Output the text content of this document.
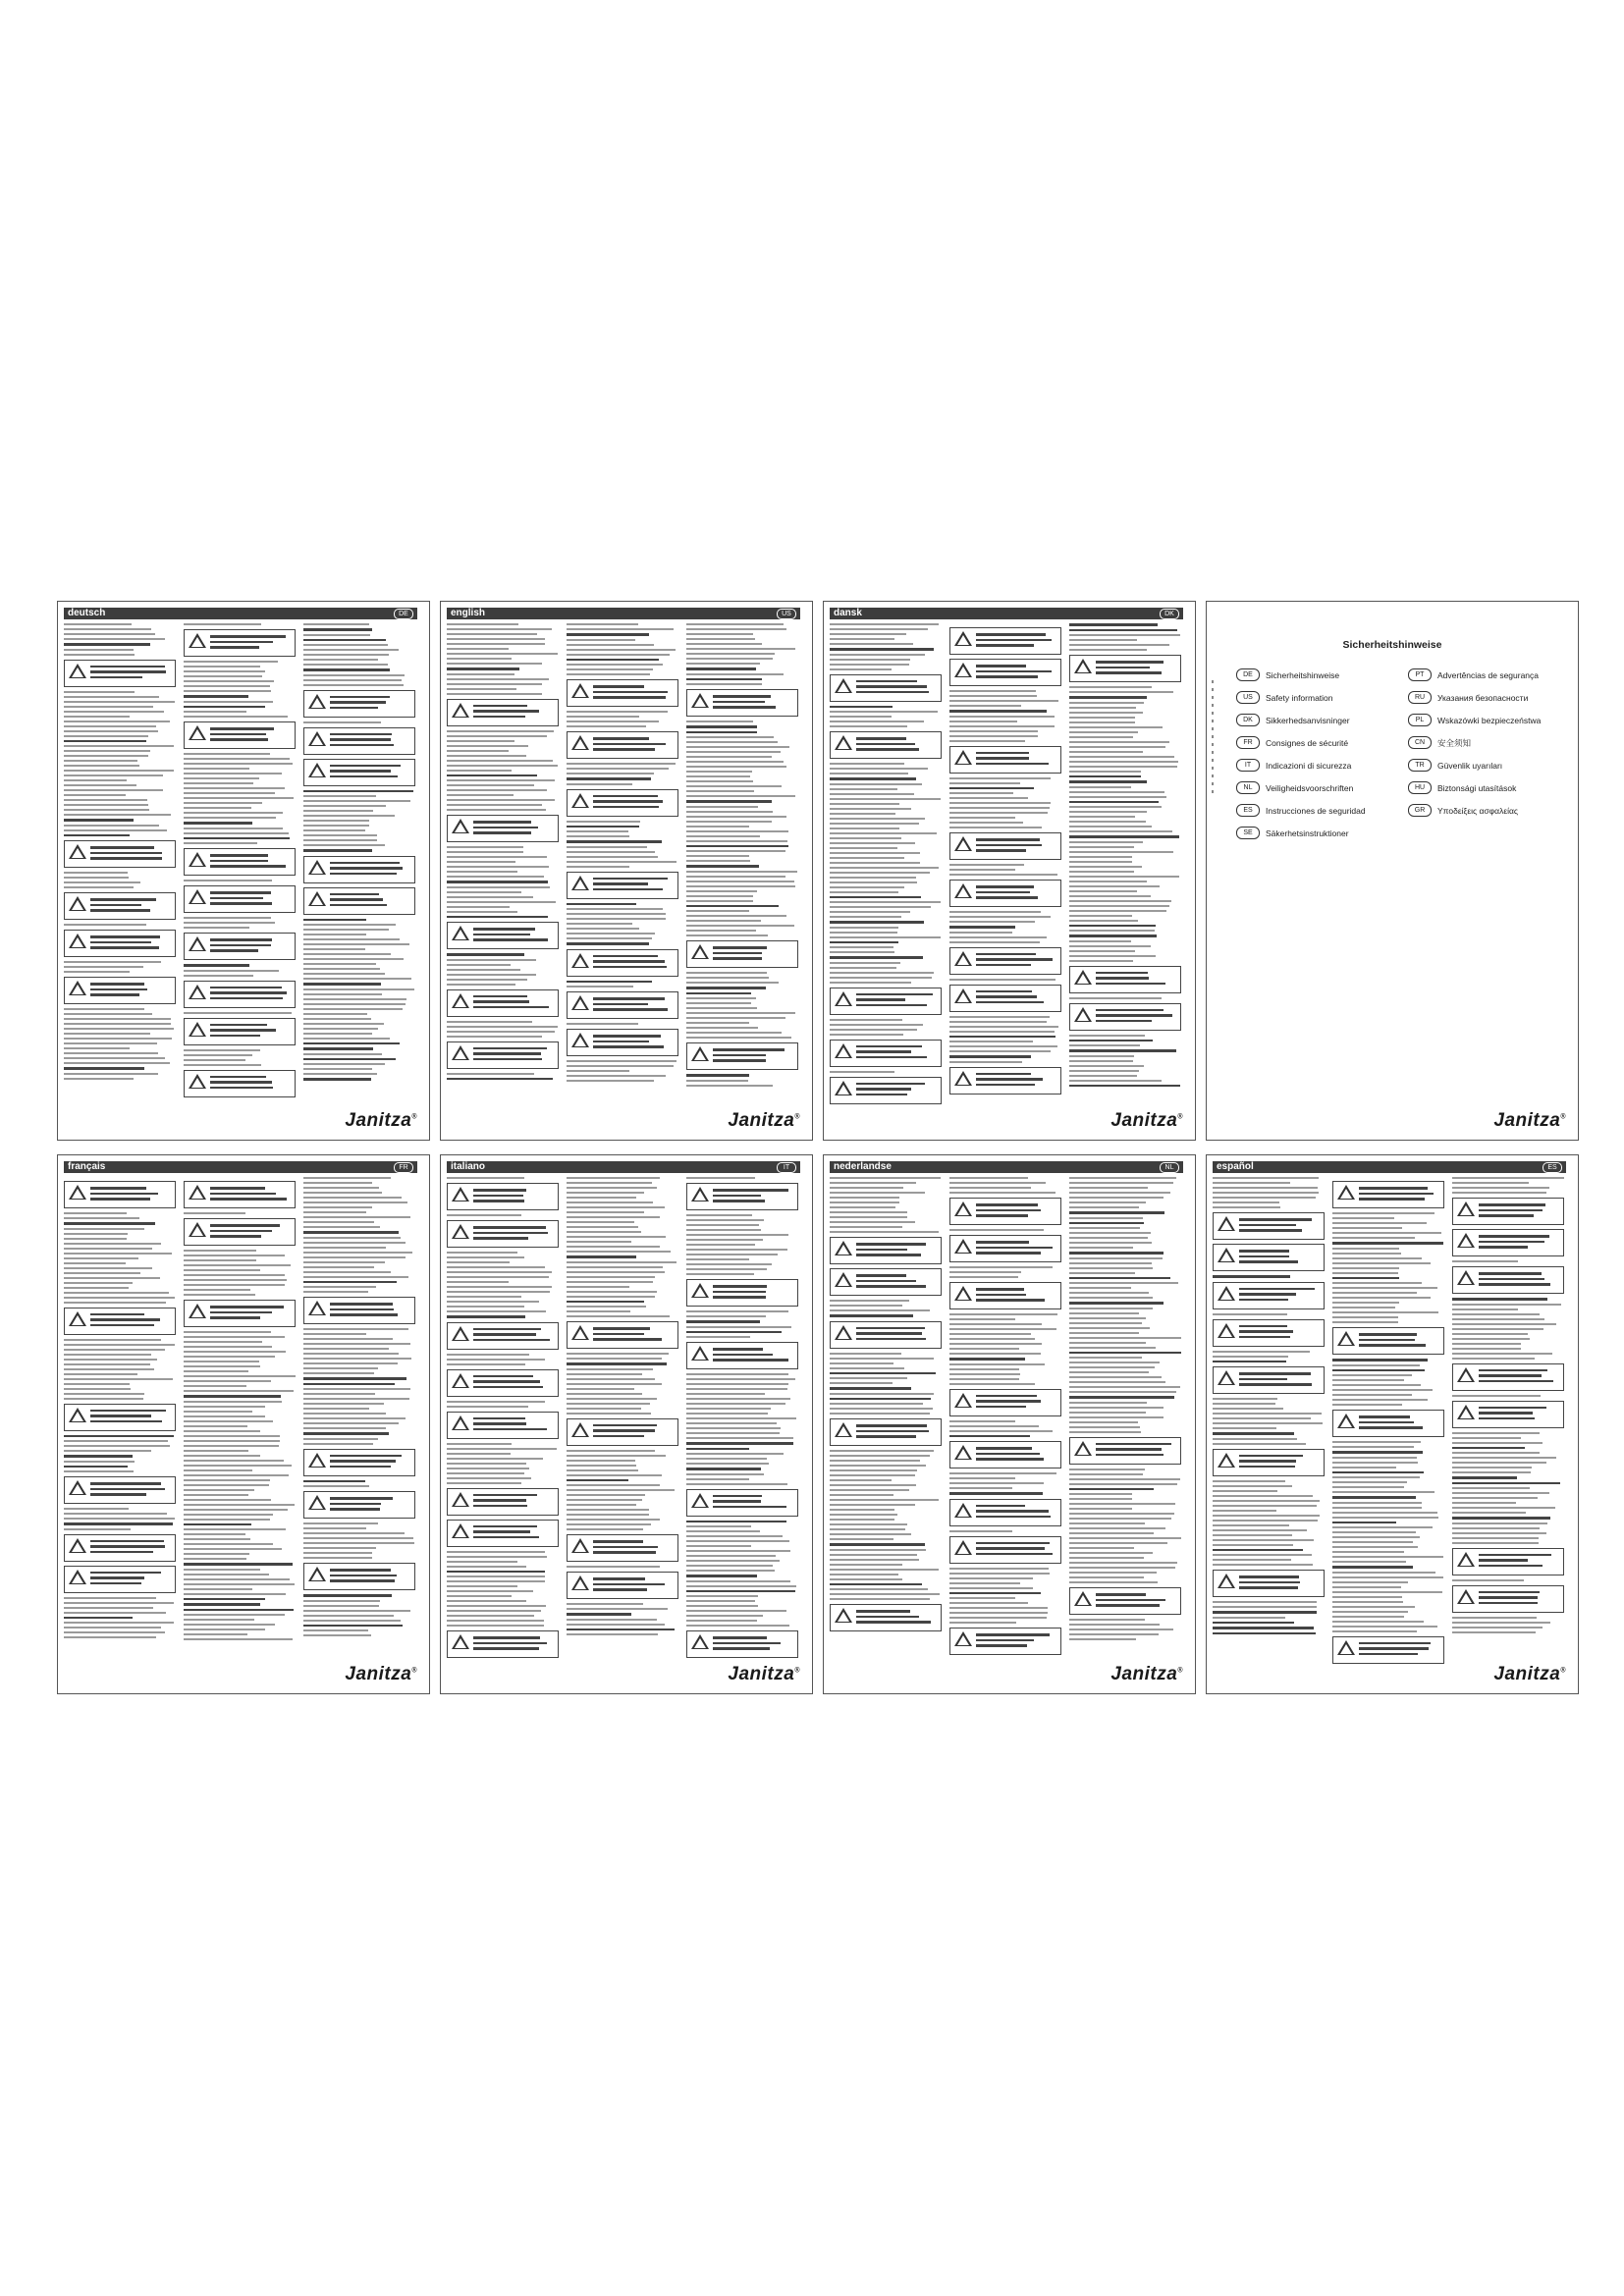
deutsch	DE
Janitza®
english	US
Janitza®
dansk	DK
Janitza®
Sicherheitshinweise
DE	Sicherheitshinweise	PT	Advertências de segurança
US	Safety information	RU	Указания безопасности
DK	Sikkerhedsanvisninger	PL	Wskazówki bezpieczeństwa
FR	Consignes de sécurité	CN	安全须知
IT	Indicazioni di sicurezza	TR	Güvenlik uyarıları
NL	Veiligheidsvoorschriften	HU	Biztonsági utasítások
ES	Instrucciones de seguridad	GR	Υποδείξεις ασφαλείας
SE	Säkerhetsinstruktioner
Janitza®
français	FR
Janitza®
italiano	IT
Janitza®
nederlandse	NL
Janitza®
español	ES
Janitza®
